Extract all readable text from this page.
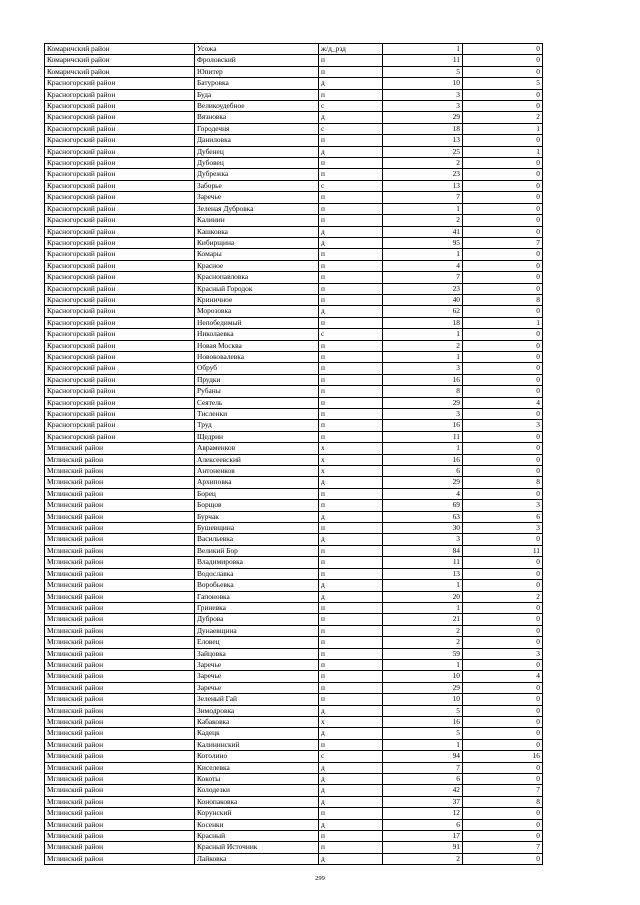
Комаричский район	Усожа	ж/д_рзд	1	0
Комаричский район	Фроловский	п	11	0
Комаричский район	Юпитер	п	5	0
Красногорский район	Батуровка	д	10	5
Красногорский район	Буда	п	3	0
Красногорский район	Великоудебное	с	3	0
Красногорский район	Вязновка	д	29	2
Красногорский район	Городечня	с	18	1
Красногорский район	Даниловка	п	13	0
Красногорский район	Дубенец	д	25	1
Красногорский район	Дубовец	п	2	0
Красногорский район	Дубрежка	п	23	0
Красногорский район	Заборье	с	13	0
Красногорский район	Заречье	п	7	0
Красногорский район	Зеленая Дубровка	п	1	0
Красногорский район	Калинин	п	2	0
Красногорский район	Кашковка	д	41	0
Красногорский район	Кибирщина	д	95	7
Красногорский район	Комары	п	1	0
Красногорский район	Красное	п	4	0
Красногорский район	Краснопавловка	п	7	0
Красногорский район	Красный Городок	п	23	0
Красногорский район	Криничное	п	40	8
Красногорский район	Морозовка	д	62	0
Красногорский район	Непобедимый	п	18	1
Красногорский район	Николаевка	с	1	0
Красногорский район	Новая Москва	п	2	0
Красногорский район	Новоковалевка	п	1	0
Красногорский район	Обруб	п	3	0
Красногорский район	Прудки	п	16	0
Красногорский район	Рубаны	п	8	0
Красногорский район	Сеятель	п	29	4
Красногорский район	Тисленки	п	3	0
Красногорский район	Труд	п	16	3
Красногорский район	Щедрин	п	11	0
Мглинский район	Авраменков	х	1	0
Мглинский район	Алексеевский	х	16	0
Мглинский район	Антоненков	х	6	0
Мглинский район	Архиповка	д	29	8
Мглинский район	Борец	п	4	0
Мглинский район	Борщов	п	69	3
Мглинский район	Бурчак	д	63	6
Мглинский район	Бушевщина	п	30	3
Мглинский район	Васильевка	д	3	0
Мглинский район	Великий Бор	п	84	11
Мглинский район	Владимировка	п	11	0
Мглинский район	Водославка	п	13	0
Мглинский район	Воробьевка	д	1	0
Мглинский район	Гапоновка	д	20	2
Мглинский район	Гриневка	п	1	0
Мглинский район	Дуброва	п	21	0
Мглинский район	Дунаевщина	п	2	0
Мглинский район	Еловец	п	2	0
Мглинский район	Зайцовка	п	59	3
Мглинский район	Заречье	п	1	0
Мглинский район	Заречье	п	10	4
Мглинский район	Заречье	п	29	0
Мглинский район	Зеленый Гай	п	10	0
Мглинский район	Зимодровка	д	5	0
Мглинский район	Кабаковка	х	16	0
Мглинский район	Кадецк	д	5	0
Мглинский район	Калининский	п	1	0
Мглинский район	Котолино	с	94	16
Мглинский район	Киселевка	д	7	0
Мглинский район	Кокоты	д	6	0
Мглинский район	Колодезки	д	42	7
Мглинский район	Конопаковка	д	37	8
Мглинский район	Корунский	п	12	0
Мглинский район	Косенки	д	6	0
Мглинский район	Красный	п	17	0
Мглинский район	Красный Источник	п	91	7
Мглинский район	Лайковка	д	2	0
299
